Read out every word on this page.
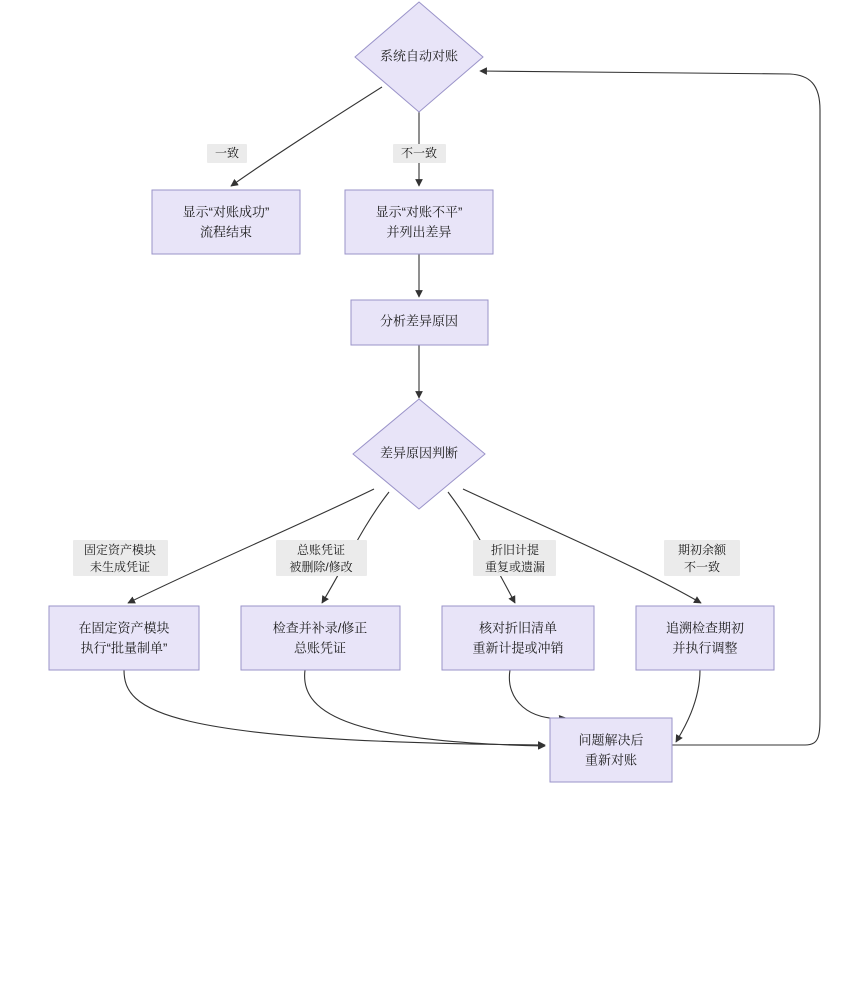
一致	不一致
固定资产模块
未生成凭证
总账凭证
被删除/修改
折旧计提
重复或遗漏
期初余额
不一致
系统自动对账
显示“对账成功”
流程结束
显示“对账不平”
并列出差异
分析差异原因
差异原因判断
在固定资产模块
执行“批量制单”
检查并补录/修正
总账凭证
核对折旧清单
重新计提或冲销
追溯检查期初
并执行调整
问题解决后
重新对账
